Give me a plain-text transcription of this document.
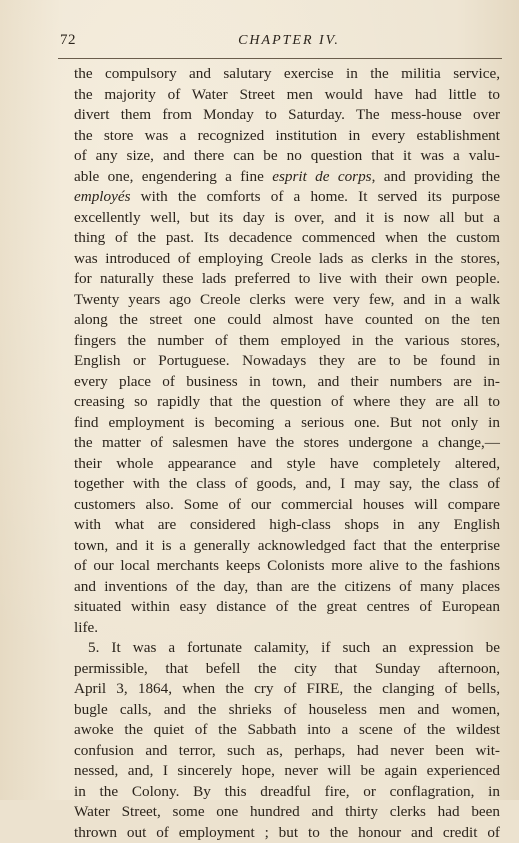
72	CHAPTER IV.
the compulsory and salutary exercise in the militia service,
the majority of Water Street men would have had little to
divert them from Monday to Saturday. The mess-house over
the store was a recognized institution in every establishment
of any size, and there can be no question that it was a valu-
able one, engendering a fine esprit de corps, and providing the
employés with the comforts of a home. It served its purpose
excellently well, but its day is over, and it is now all but a
thing of the past. Its decadence commenced when the custom
was introduced of employing Creole lads as clerks in the stores,
for naturally these lads preferred to live with their own people.
Twenty years ago Creole clerks were very few, and in a walk
along the street one could almost have counted on the ten
fingers the number of them employed in the various stores,
English or Portuguese. Nowadays they are to be found in
every place of business in town, and their numbers are in-
creasing so rapidly that the question of where they are all to
find employment is becoming a serious one. But not only in
the matter of salesmen have the stores undergone a change,—
their whole appearance and style have completely altered,
together with the class of goods, and, I may say, the class of
customers also. Some of our commercial houses will compare
with what are considered high-class shops in any English
town, and it is a generally acknowledged fact that the enterprise
of our local merchants keeps Colonists more alive to the fashions
and inventions of the day, than are the citizens of many places
situated within easy distance of the great centres of European
life.
5. It was a fortunate calamity, if such an expression be
permissible, that befell the city that Sunday afternoon,
April 3, 1864, when the cry of FIRE, the clanging of bells,
bugle calls, and the shrieks of houseless men and women,
awoke the quiet of the Sabbath into a scene of the wildest
confusion and terror, such as, perhaps, had never been wit-
nessed, and, I sincerely hope, never will be again experienced
in the Colony. By this dreadful fire, or conflagration, in
Water Street, some one hundred and thirty clerks had been
thrown out of employment ; but to the honour and credit of
